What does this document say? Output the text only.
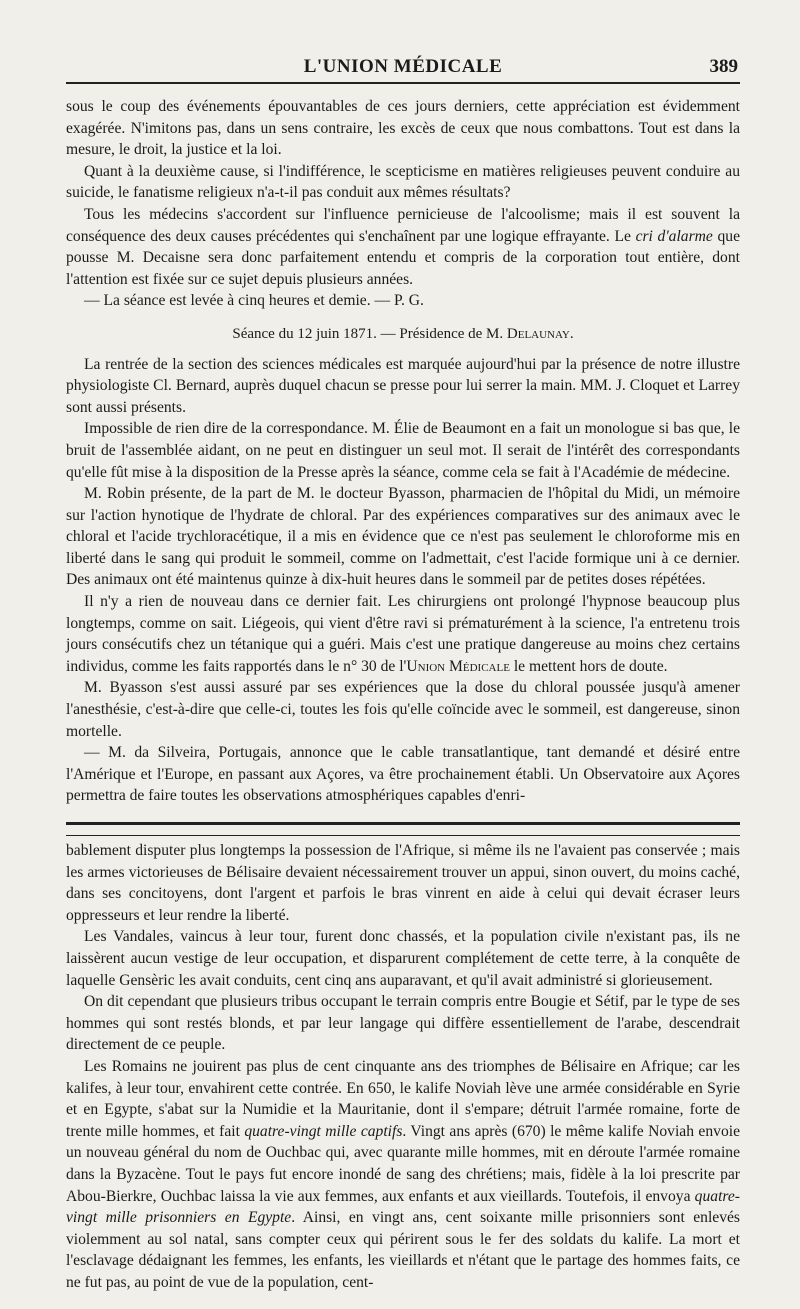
L'UNION MÉDICALE	389

sous le coup des événements épouvantables de ces jours derniers, cette appréciation est évidemment exagérée. N'imitons pas, dans un sens contraire, les excès de ceux que nous combattons. Tout est dans la mesure, le droit, la justice et la loi.

Quant à la deuxième cause, si l'indifférence, le scepticisme en matières religieuses peuvent conduire au suicide, le fanatisme religieux n'a-t-il pas conduit aux mêmes résultats?

Tous les médecins s'accordent sur l'influence pernicieuse de l'alcoolisme; mais il est souvent la conséquence des deux causes précédentes qui s'enchaînent par une logique effrayante. Le cri d'alarme que pousse M. Decaisne sera donc parfaitement entendu et compris de la corporation tout entière, dont l'attention est fixée sur ce sujet depuis plusieurs années.

— La séance est levée à cinq heures et demie. — P. G.

Séance du 12 juin 1871. — Présidence de M. Delaunay.

La rentrée de la section des sciences médicales est marquée aujourd'hui par la présence de notre illustre physiologiste Cl. Bernard, auprès duquel chacun se presse pour lui serrer la main. MM. J. Cloquet et Larrey sont aussi présents.

Impossible de rien dire de la correspondance. M. Élie de Beaumont en a fait un monologue si bas que, le bruit de l'assemblée aidant, on ne peut en distinguer un seul mot. Il serait de l'intérêt des correspondants qu'elle fût mise à la disposition de la Presse après la séance, comme cela se fait à l'Académie de médecine.

M. Robin présente, de la part de M. le docteur Byasson, pharmacien de l'hôpital du Midi, un mémoire sur l'action hynotique de l'hydrate de chloral. Par des expériences comparatives sur des animaux avec le chloral et l'acide trychloracétique, il a mis en évidence que ce n'est pas seulement le chloroforme mis en liberté dans le sang qui produit le sommeil, comme on l'admettait, c'est l'acide formique uni à ce dernier. Des animaux ont été maintenus quinze à dix-huit heures dans le sommeil par de petites doses répétées.

Il n'y a rien de nouveau dans ce dernier fait. Les chirurgiens ont prolongé l'hypnose beaucoup plus longtemps, comme on sait. Liégeois, qui vient d'être ravi si prématurément à la science, l'a entretenu trois jours consécutifs chez un tétanique qui a guéri. Mais c'est une pratique dangereuse au moins chez certains individus, comme les faits rapportés dans le n° 30 de l'Union Médicale le mettent hors de doute.

M. Byasson s'est aussi assuré par ses expériences que la dose du chloral poussée jusqu'à amener l'anesthésie, c'est-à-dire que celle-ci, toutes les fois qu'elle coïncide avec le sommeil, est dangereuse, sinon mortelle.

— M. da Silveira, Portugais, annonce que le cable transatlantique, tant demandé et désiré entre l'Amérique et l'Europe, en passant aux Açores, va être prochainement établi. Un Observatoire aux Açores permettra de faire toutes les observations atmosphériques capables d'enri-

bablement disputer plus longtemps la possession de l'Afrique, si même ils ne l'avaient pas conservée ; mais les armes victorieuses de Bélisaire devaient nécessairement trouver un appui, sinon ouvert, du moins caché, dans ses concitoyens, dont l'argent et parfois le bras vinrent en aide à celui qui devait écraser leurs oppresseurs et leur rendre la liberté.

Les Vandales, vaincus à leur tour, furent donc chassés, et la population civile n'existant pas, ils ne laissèrent aucun vestige de leur occupation, et disparurent complétement de cette terre, à la conquête de laquelle Gensèric les avait conduits, cent cinq ans auparavant, et qu'il avait administré si glorieusement.

On dit cependant que plusieurs tribus occupant le terrain compris entre Bougie et Sétif, par le type de ses hommes qui sont restés blonds, et par leur langage qui diffère essentiellement de l'arabe, descendrait directement de ce peuple.

Les Romains ne jouirent pas plus de cent cinquante ans des triomphes de Bélisaire en Afrique; car les kalifes, à leur tour, envahirent cette contrée. En 650, le kalife Noviah lève une armée considérable en Syrie et en Egypte, s'abat sur la Numidie et la Mauritanie, dont il s'empare; détruit l'armée romaine, forte de trente mille hommes, et fait quatre-vingt mille captifs. Vingt ans après (670) le même kalife Noviah envoie un nouveau général du nom de Ouchbac qui, avec quarante mille hommes, mit en déroute l'armée romaine dans la Byzacène. Tout le pays fut encore inondé de sang des chrétiens; mais, fidèle à la loi prescrite par Abou-Bierkre, Ouchbac laissa la vie aux femmes, aux enfants et aux vieillards. Toutefois, il envoya quatre-vingt mille prisonniers en Egypte. Ainsi, en vingt ans, cent soixante mille prisonniers sont enlevés violemment au sol natal, sans compter ceux qui périrent sous le fer des soldats du kalife. La mort et l'esclavage dédaignant les femmes, les enfants, les vieillards et n'étant que le partage des hommes faits, ce ne fut pas, au point de vue de la population, cent-
